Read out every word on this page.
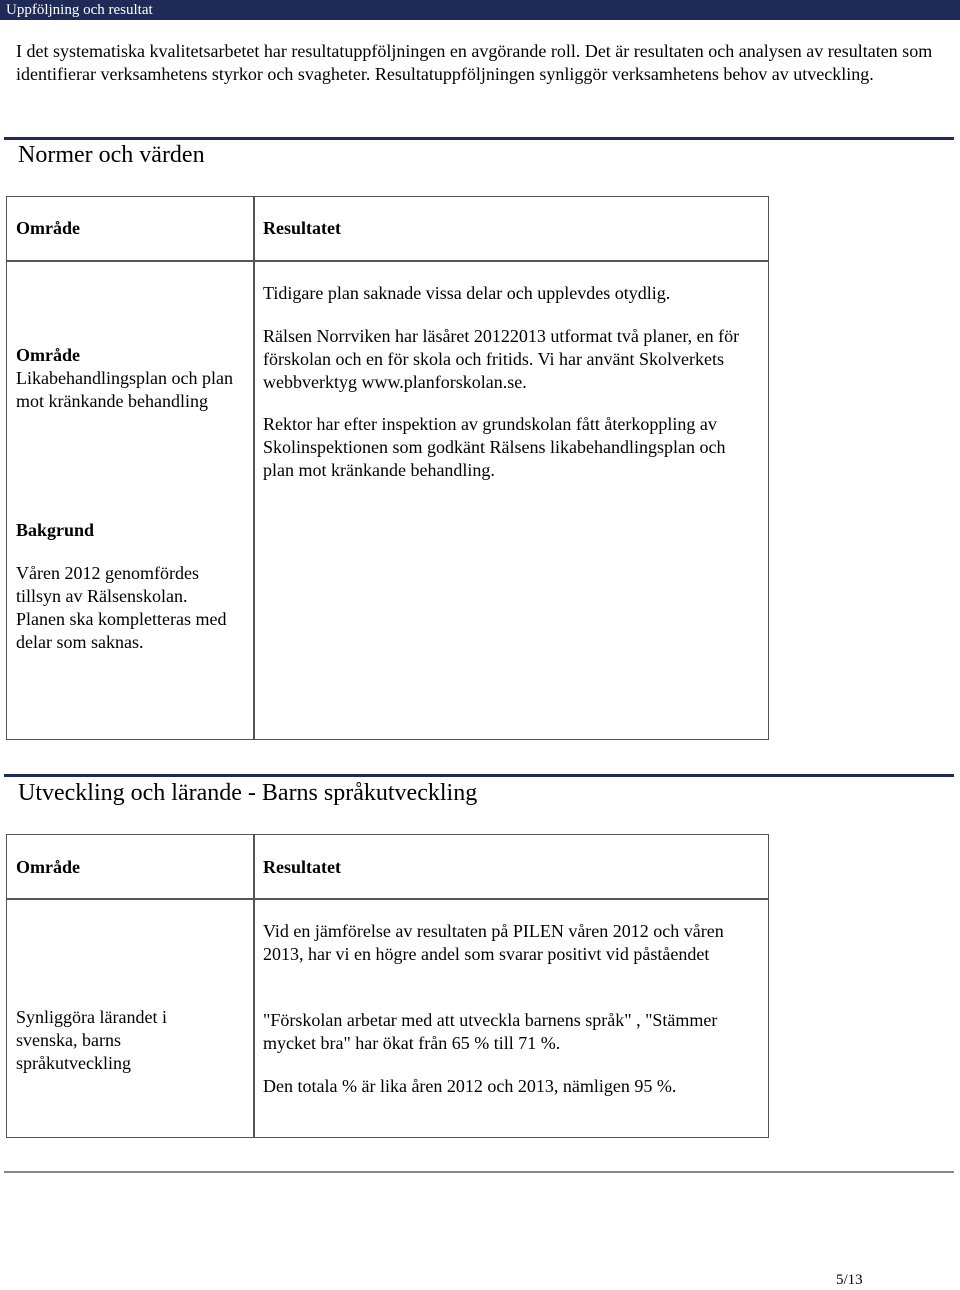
Uppföljning och resultat
I det systematiska kvalitetsarbetet har resultatuppföljningen en avgörande roll. Det är resultaten och analysen av resultaten som identifierar verksamhetens styrkor och svagheter. Resultatuppföljningen synliggör verksamhetens behov av utveckling.
Normer och värden
Område	Resultatet
Område
Likabehandlingsplan och plan mot kränkande behandling
Tidigare plan saknade vissa delar och upplevdes otydlig.
Rälsen Norrviken har läsåret 20122013 utformat två planer, en för förskolan och en för skola och fritids. Vi har använt Skolverkets webbverktyg www.planforskolan.se.
Rektor har efter inspektion av grundskolan fått återkoppling av Skolinspektionen som godkänt Rälsens likabehandlingsplan och plan mot kränkande behandling.
Bakgrund
Våren 2012 genomfördes tillsyn av Rälsenskolan. Planen ska kompletteras med delar som saknas.
Utveckling och lärande - Barns språkutveckling
Område	Resultatet
Synliggöra lärandet i svenska, barns språkutveckling
Vid en jämförelse av resultaten på PILEN våren 2012 och våren 2013, har vi en högre andel som svarar positivt vid påståendet
"Förskolan arbetar med att utveckla barnens språk" , "Stämmer mycket bra" har ökat från 65 % till 71 %.
Den totala % är lika åren 2012 och 2013, nämligen 95 %.
5/13
